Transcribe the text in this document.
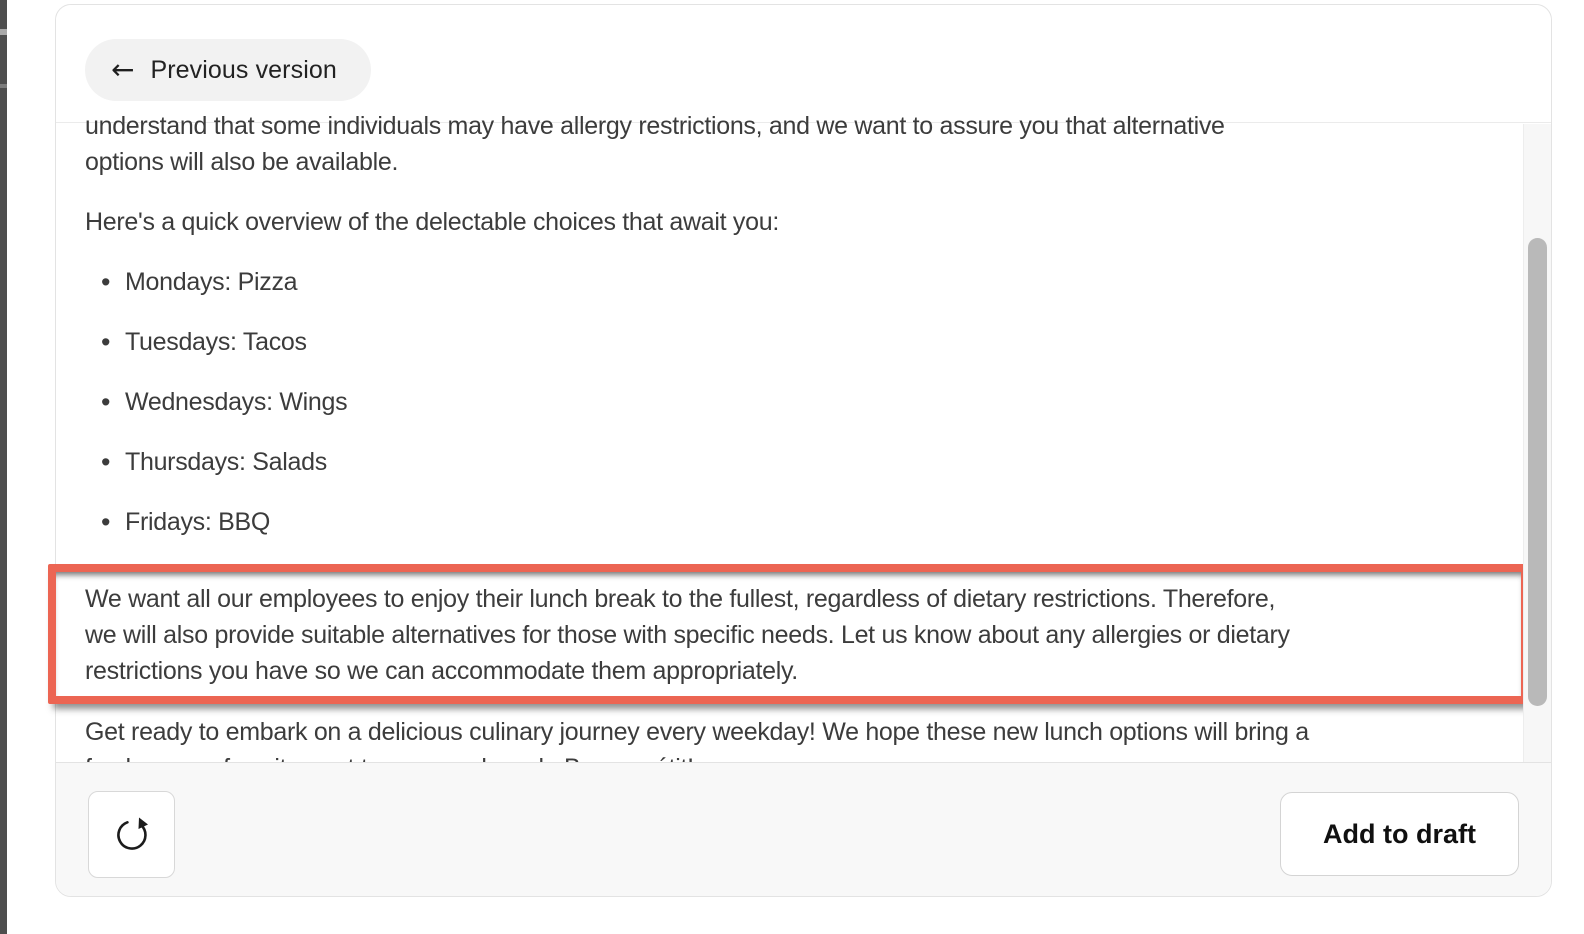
← Previous version
understand that some individuals may have allergy restrictions, and we want to assure you that alternative
options will also be available.
Here's a quick overview of the delectable choices that await you:
• Mondays: Pizza
• Tuesdays: Tacos
• Wednesdays: Wings
• Thursdays: Salads
• Fridays: BBQ
We want all our employees to enjoy their lunch break to the fullest, regardless of dietary restrictions. Therefore,
we will also provide suitable alternatives for those with specific needs. Let us know about any allergies or dietary
restrictions you have so we can accommodate them appropriately.
Get ready to embark on a delicious culinary journey every weekday! We hope these new lunch options will bring a
Add to draft
